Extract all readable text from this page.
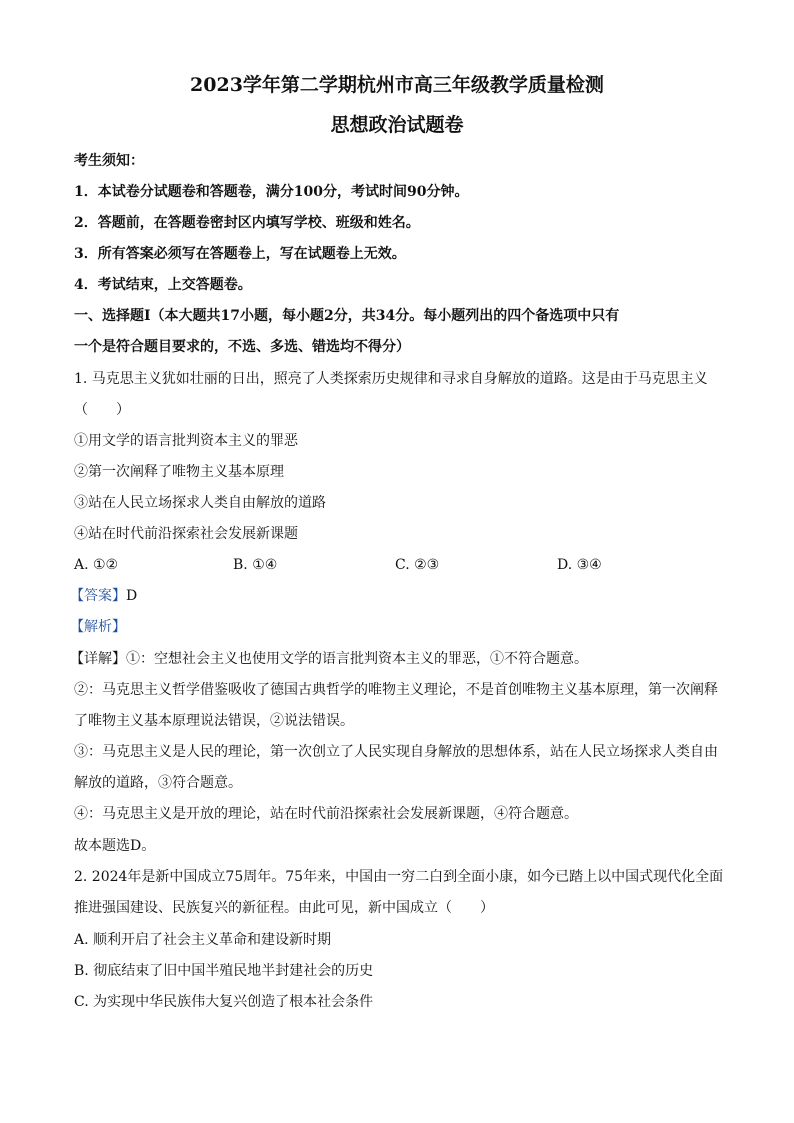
2023学年第二学期杭州市高三年级教学质量检测
思想政治试题卷
考生须知：
1．本试卷分试题卷和答题卷，满分100分，考试时间90分钟。
2．答题前，在答题卷密封区内填写学校、班级和姓名。
3．所有答案必须写在答题卷上，写在试题卷上无效。
4．考试结束，上交答题卷。
一、选择题Ⅰ（本大题共17小题，每小题2分，共34分。每小题列出的四个备选项中只有
一个是符合题目要求的，不选、多选、错选均不得分）
1. 马克思主义犹如壮丽的日出，照亮了人类探索历史规律和寻求自身解放的道路。这是由于马克思主义
（　　）
①用文学的语言批判资本主义的罪恶
②第一次阐释了唯物主义基本原理
③站在人民立场探求人类自由解放的道路
④站在时代前沿探索社会发展新课题
A. ①②	B. ①④	C. ②③	D. ③④
【答案】D
【解析】
【详解】①：空想社会主义也使用文学的语言批判资本主义的罪恶，①不符合题意。
②：马克思主义哲学借鉴吸收了德国古典哲学的唯物主义理论，不是首创唯物主义基本原理，第一次阐释
了唯物主义基本原理说法错误，②说法错误。
③：马克思主义是人民的理论，第一次创立了人民实现自身解放的思想体系，站在人民立场探求人类自由
解放的道路，③符合题意。
④：马克思主义是开放的理论，站在时代前沿探索社会发展新课题，④符合题意。
故本题选D。
2. 2024年是新中国成立75周年。75年来，中国由一穷二白到全面小康，如今已踏上以中国式现代化全面
推进强国建设、民族复兴的新征程。由此可见，新中国成立（　　）
A. 顺利开启了社会主义革命和建设新时期
B. 彻底结束了旧中国半殖民地半封建社会的历史
C. 为实现中华民族伟大复兴创造了根本社会条件
